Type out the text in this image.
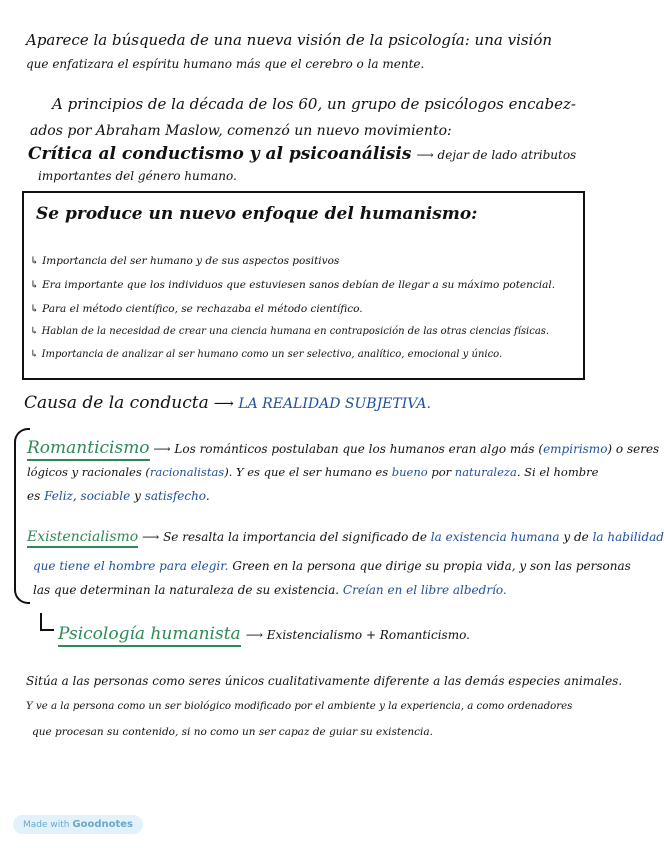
Aparece la búsqueda de una nueva visión de la psicología: una visión
que enfatizara el espíritu humano más que el cerebro o la mente.
A principios de la década de los 60, un grupo de psicólogos encabez-
ados por Abraham Maslow, comenzó un nuevo movimiento:
Crítica al conductismo y al psicoanálisis ⟶ dejar de lado atributos
importantes del género humano.
Se produce un nuevo enfoque del humanismo:
↳ Importancia del ser humano y de sus aspectos positivos
↳ Era importante que los individuos que estuviesen sanos debían de llegar a su máximo potencial.
↳ Para el método científico, se rechazaba el método científico.
↳ Hablan de la necesidad de crear una ciencia humana en contraposición de las otras ciencias físicas.
↳ Importancia de analizar al ser humano como un ser selectivo, analítico, emocional y único.
Causa de la conducta ⟶ LA REALIDAD SUBJETIVA.
Romanticismo ⟶ Los románticos postulaban que los humanos eran algo más (empirismo) o seres
lógicos y racionales (racionalistas). Y es que el ser humano es bueno por naturaleza. Si el hombre
es Feliz, sociable y satisfecho.
Existencialismo ⟶ Se resalta la importancia del significado de la existencia humana y de la habilidad
que tiene el hombre para elegir. Green en la persona que dirige su propia vida, y son las personas
las que determinan la naturaleza de su existencia. Creían en el libre albedrío.
Psicología humanista ⟶ Existencialismo + Romanticismo.
Sitúa a las personas como seres únicos cualitativamente diferente a las demás especies animales.
Y ve a la persona como un ser biológico modificado por el ambiente y la experiencia, a como ordenadores
que procesan su contenido, si no como un ser capaz de guiar su existencia.
Made with Goodnotes
